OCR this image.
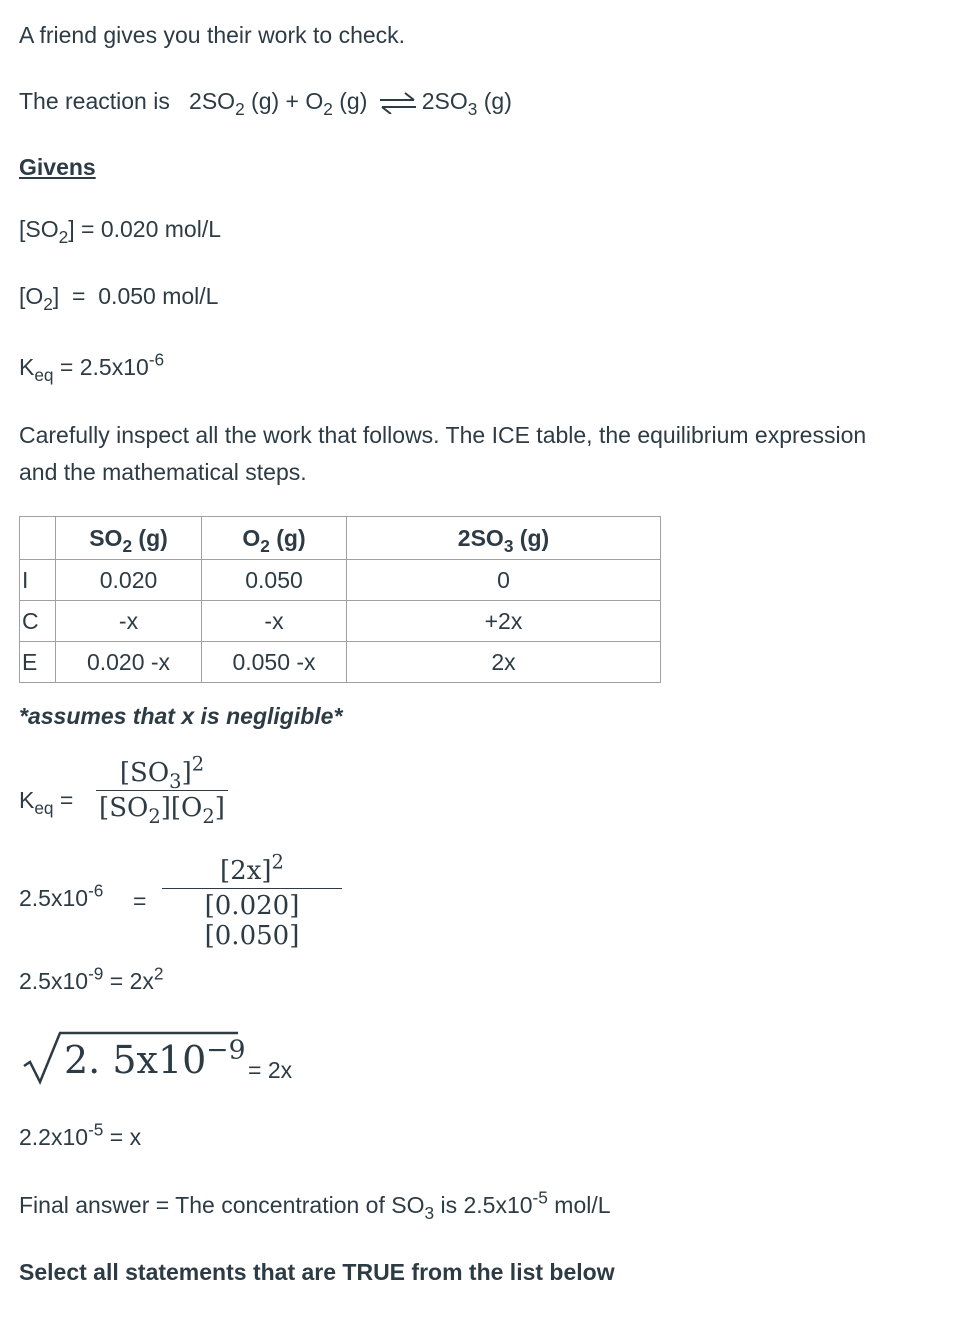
A friend gives you their work to check.
The reaction is $2SO_2$ $(g) + O_2$ (g) ⇌ $2SO_3$ (g)
Givens
$[SO_2] = 0.020$ mol/L
$[O_2] = 0.050$ mol/L
$K_{eq} = 2.5x10^{-6}$
Carefully inspect all the work that follows. The ICE table, the equilibrium expression
and the mathematical steps.
	$SO_2$ (g)	$O_2$ (g)	$2SO_3$ (g)
I	0.020	0.050	0
C	-x	-x	+2x
E	0.020 -x	0.050 -x	2x
*assumes that x is negligible*
$K_{eq}$ =
$[SO_3]^2$
$[SO_2][O_2]$
$2.5x10^{-6}$ =
$[2x]^2$
[0.020][0.050]
$2.5x10^{-9} = 2x^2$
2. $5x10^{-9}$
= 2x
$2.2x10^{-5} = x$
Final answer = The concentration of $SO_3$ is $2.5x10^{-5}$ mol/L
Select all statements that are TRUE from the list below
